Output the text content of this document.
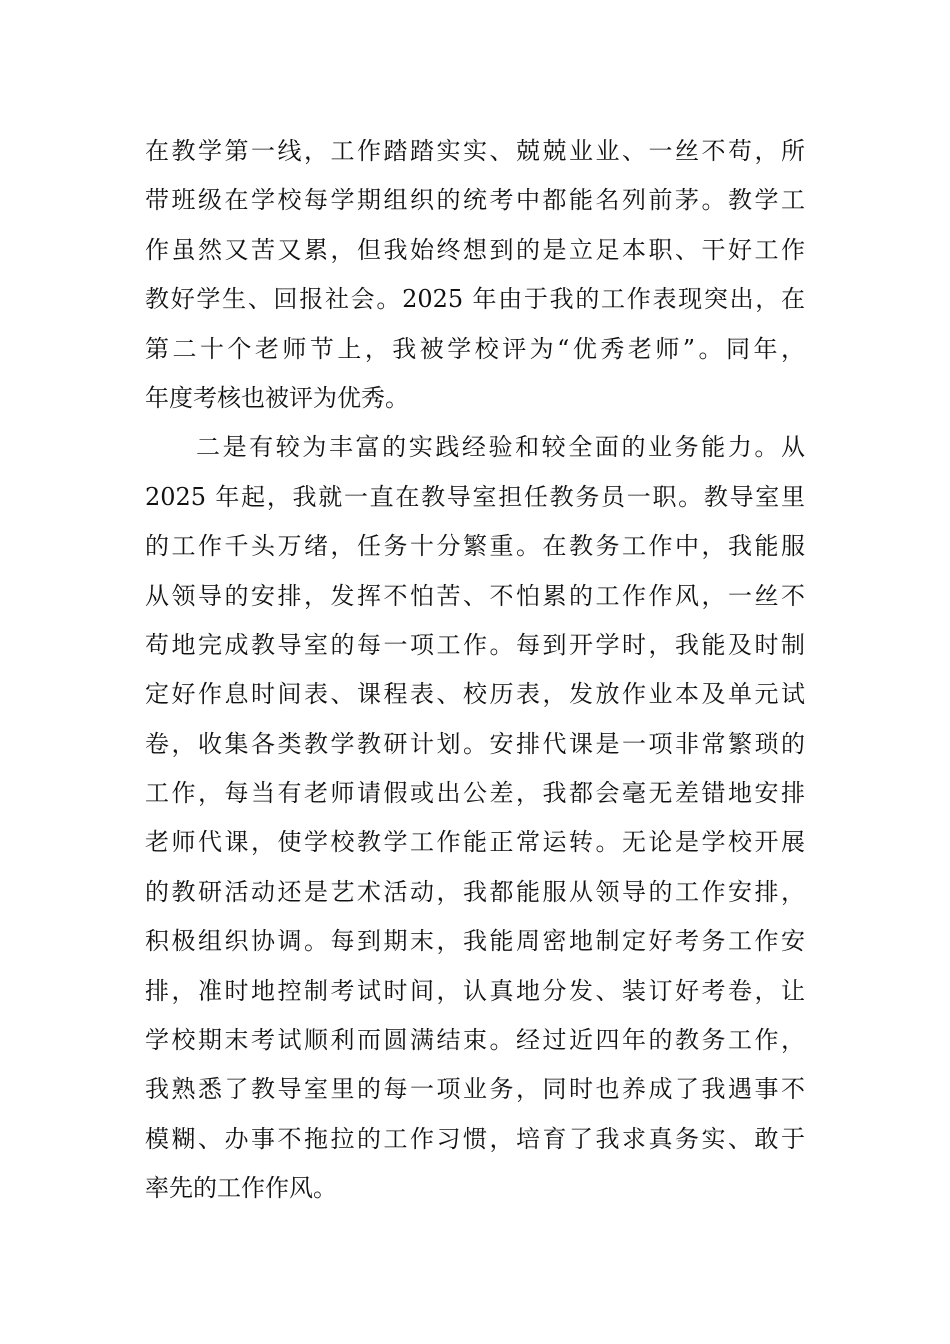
在教学第一线，工作踏踏实实、兢兢业业、一丝不苟，所
带班级在学校每学期组织的统考中都能名列前茅。教学工
作虽然又苦又累，但我始终想到的是立足本职、干好工作
教好学生、回报社会。2025 年由于我的工作表现突出，在
第二十个老师节上，我被学校评为“优秀老师”。同年，
年度考核也被评为优秀。
二是有较为丰富的实践经验和较全面的业务能力。从
2025 年起，我就一直在教导室担任教务员一职。教导室里
的工作千头万绪，任务十分繁重。在教务工作中，我能服
从领导的安排，发挥不怕苦、不怕累的工作作风，一丝不
苟地完成教导室的每一项工作。每到开学时，我能及时制
定好作息时间表、课程表、校历表，发放作业本及单元试
卷，收集各类教学教研计划。安排代课是一项非常繁琐的
工作，每当有老师请假或出公差，我都会毫无差错地安排
老师代课，使学校教学工作能正常运转。无论是学校开展
的教研活动还是艺术活动，我都能服从领导的工作安排，
积极组织协调。每到期末，我能周密地制定好考务工作安
排，准时地控制考试时间，认真地分发、装订好考卷，让
学校期末考试顺利而圆满结束。经过近四年的教务工作，
我熟悉了教导室里的每一项业务，同时也养成了我遇事不
模糊、办事不拖拉的工作习惯，培育了我求真务实、敢于
率先的工作作风。
